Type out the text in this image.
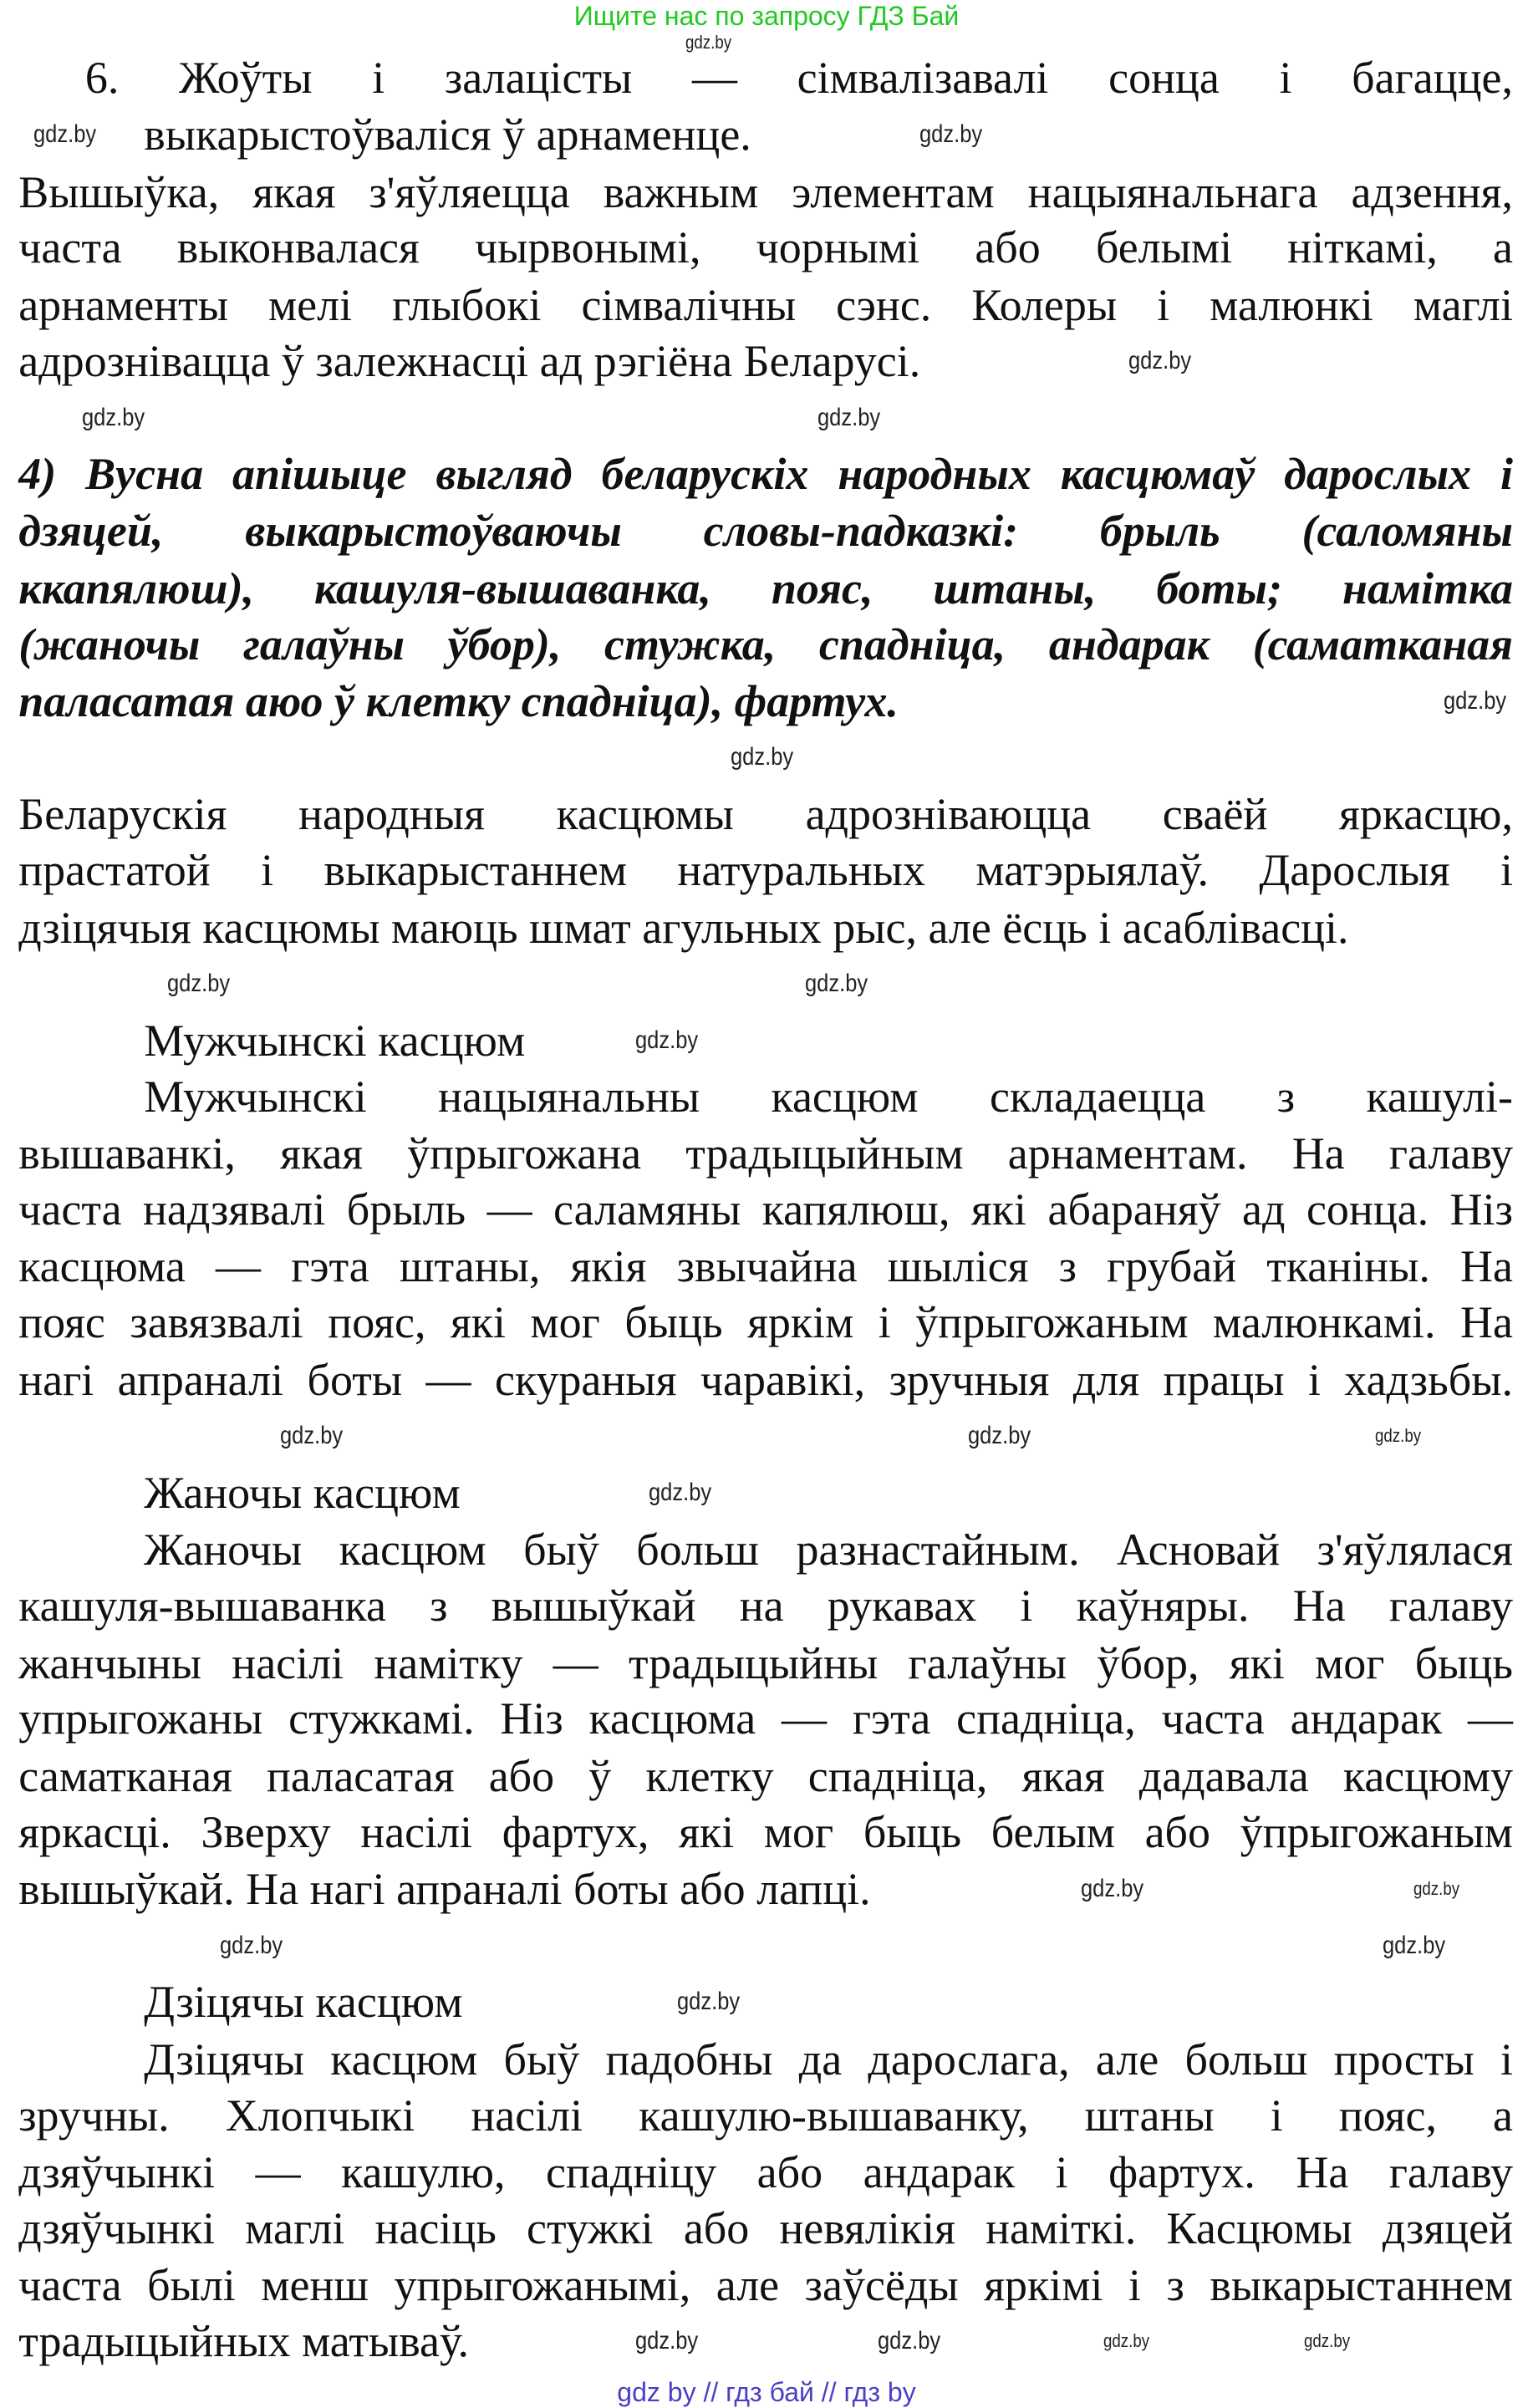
Ищите нас по запросу ГДЗ Бай
6. Жоўты і залацісты — сімвалізавалі сонца і багацце,
выкарыстоўваліся ў арнаменце.
Вышыўка, якая з'яўляецца важным элементам нацыянальнага адзення,
часта выконвалася чырвонымі, чорнымі або белымі ніткамі, а
арнаменты мелі глыбокі сімвалічны сэнс. Колеры і малюнкі маглі
адрозніваццa ў залежнасці ад рэгіёна Беларусі.
4) Вусна апішыце выгляд беларускіх народных касцюмаў дарослых і
дзяцей, выкарыстоўваючы словы-падказкі: брыль (саломяны
ккапялюш), кашуля-вышаванка, пояс, штаны, боты; намітка
(жаночы галаўны ўбор), стужка, спадніца, андарак (саматканая
паласатая аюо ў клетку спадніца), фартух.
Беларускія народныя касцюмы адрозніваюцца сваёй яркасцю,
прастатой і выкарыстаннем натуральных матэрыялаў. Дарослыя і
дзіцячыя касцюмы маюць шмат агульных рыс, але ёсць і асаблівасці.
Мужчынскі касцюм
Мужчынскі нацыянальны касцюм складаецца з кашулі-
вышаванкі, якая ўпрыгожана традыцыйным арнаментам. На галаву
часта надзявалі брыль — саламяны капялюш, які абараняў ад сонца. Ніз
касцюма — гэта штаны, якія звычайна шыліся з грубай тканіны. На
пояс завязвалі пояс, які мог быць яркім і ўпрыгожаным малюнкамі. На
нагі апраналі боты — скураныя чаравікі, зручныя для працы і хадзьбы.
Жаночы касцюм
Жаночы касцюм быў больш разнастайным. Асновай з'яўлялася
кашуля-вышаванка з вышыўкай на рукавах і каўняры. На галаву
жанчыны насілі намітку — традыцыйны галаўны ўбор, які мог быць
упрыгожаны стужкамі. Ніз касцюма — гэта спадніца, часта андарак —
саматканая паласатая або ў клетку спадніца, якая дадавала касцюму
яркасці. Зверху насілі фартух, які мог быць белым або ўпрыгожаным
вышыўкай. На нагі апраналі боты або лапці.
Дзіцячы касцюм
Дзіцячы касцюм быў падобны да дарослага, але больш просты і
зручны. Хлопчыкі насілі кашулю-вышаванку, штаны і пояс, а
дзяўчынкі — кашулю, спадніцу або андарак і фартух. На галаву
дзяўчынкі маглі насіць стужкі або невялікія наміткі. Касцюмы дзяцей
часта былі менш упрыгожанымі, але заўсёды яркімі і з выкарыстаннем
традыцыйных матываў.
gdz.by
gdz.by	gdz.by
gdz.by
gdz.by	gdz.by
gdz.by
gdz.by
gdz.by	gdz.by
gdz.by
gdz.by
gdz.by
gdz.by
gdz.by
gdz.by
gdz.by
gdz.by
gdz.by
gdz.by
gdz.by	gdz.by	gdz.by
gdz.by
gdz by // гдз бай // гдз by
